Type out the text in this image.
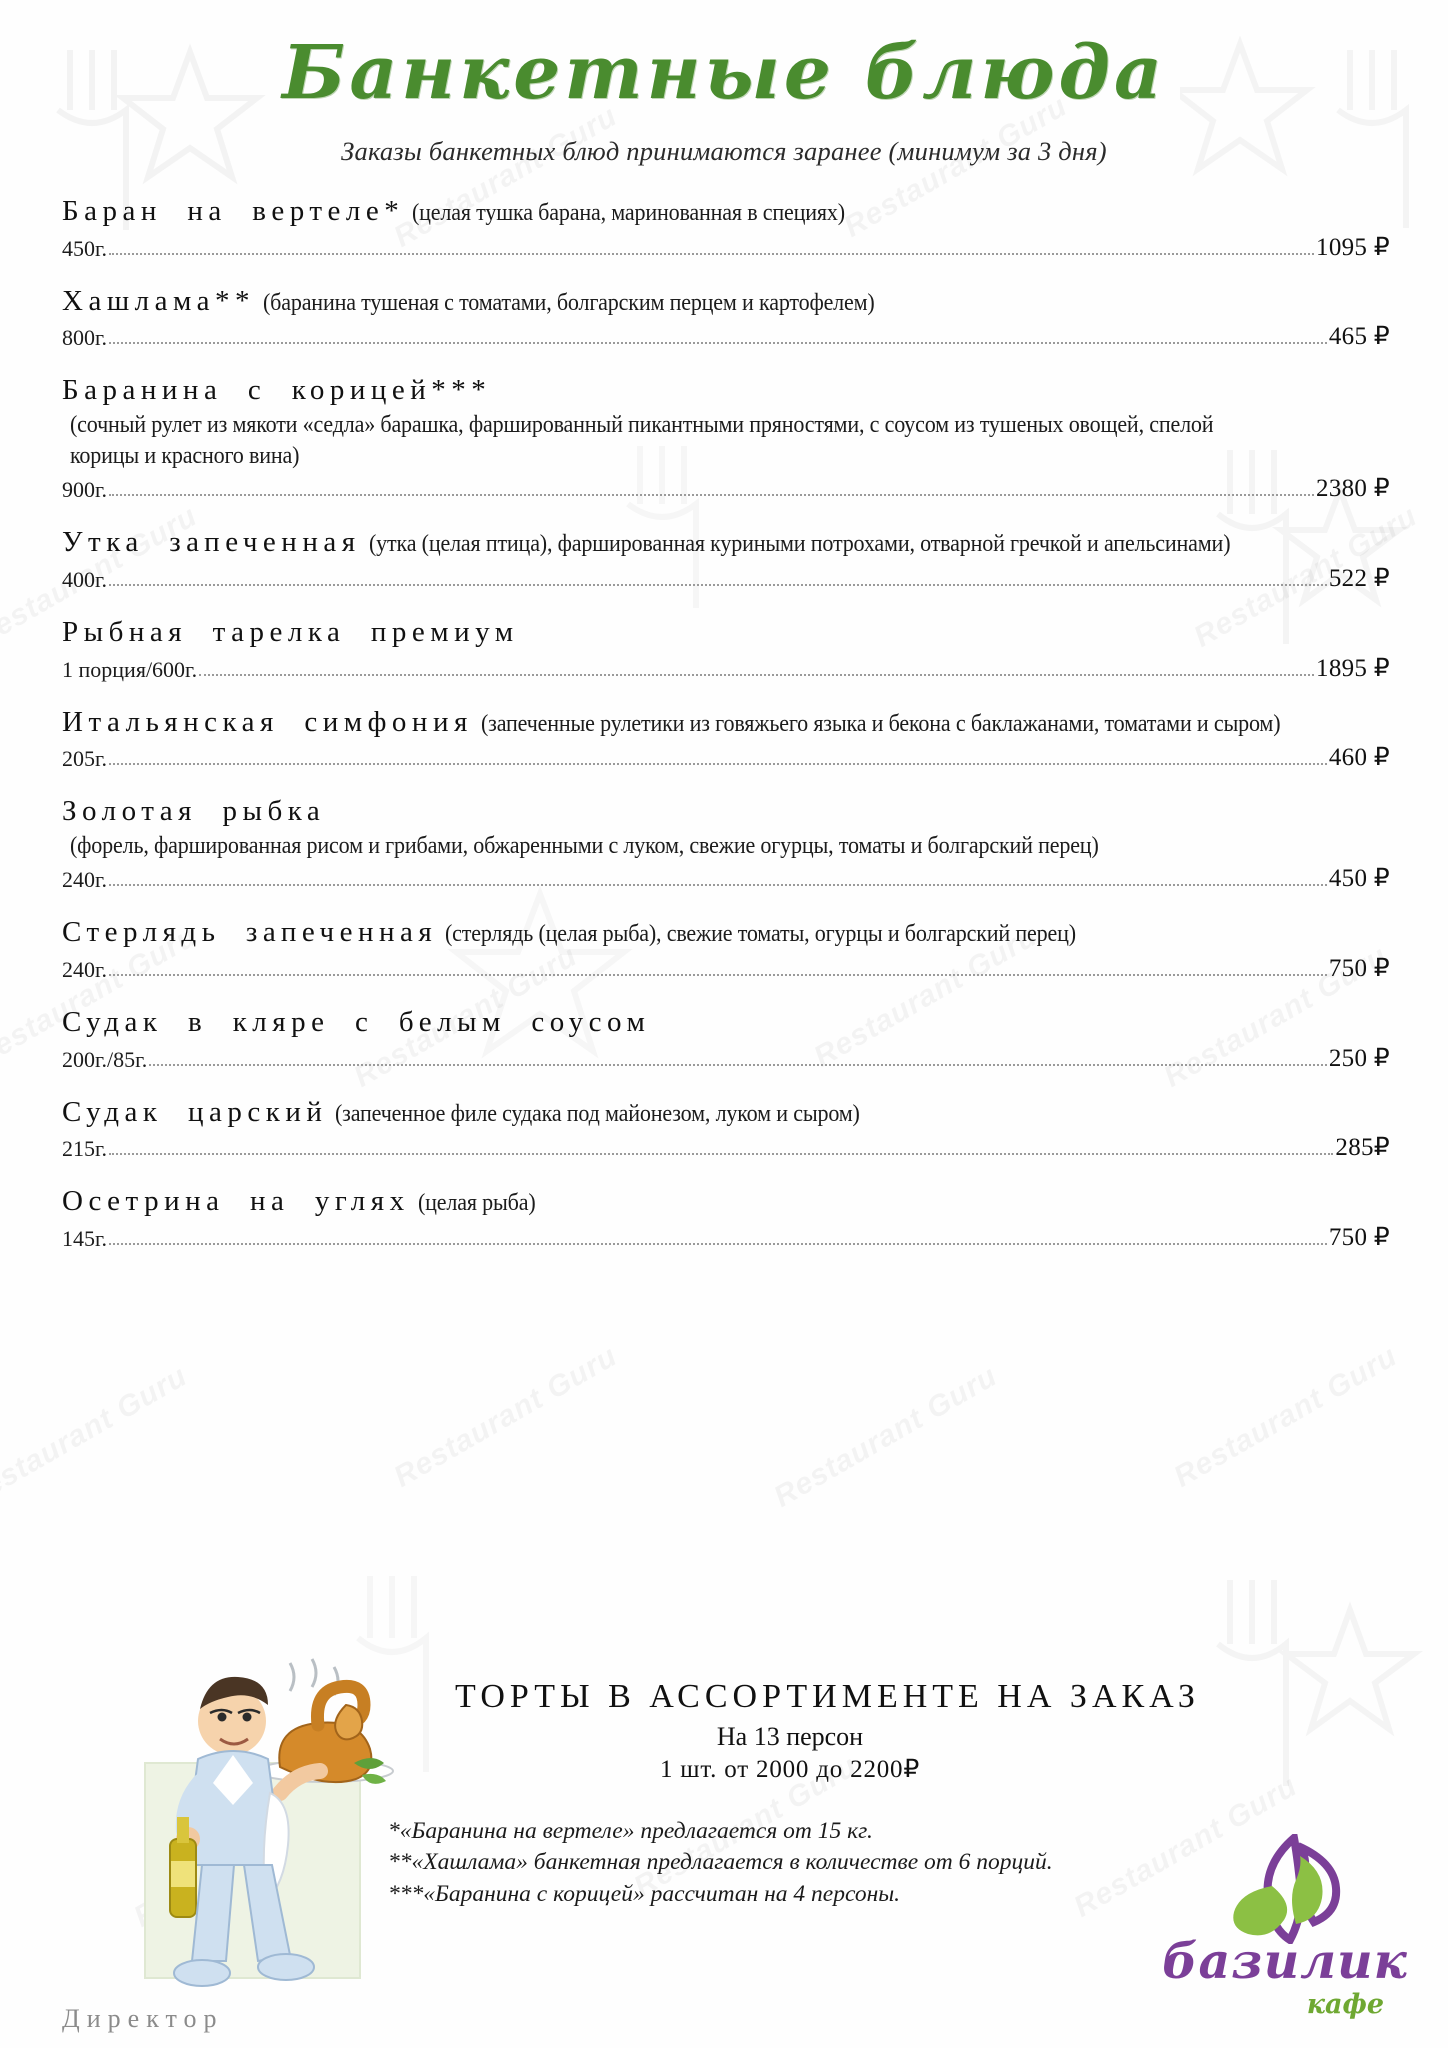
Банкетные блюда
Заказы банкетных блюд принимаются заранее (минимум за 3 дня)
Баран  на  вертеле* (целая тушка барана, маринованная в специях)
450г.	1095 ₽
Хашлама** (баранина тушеная с томатами, болгарским перцем и картофелем)
800г.	465 ₽
Баранина  с  корицей***(сочный рулет из мякоти «седла» барашка, фаршированный пикантными пряностями, с соусом из тушеных овощей, спелой корицы и красного вина)
900г.	2380 ₽
Утка  запеченная (утка (целая птица), фаршированная куриными потрохами, отварной гречкой и апельсинами)
400г.	522 ₽
Рыбная  тарелка  премиум
1 порция/600г.	1895 ₽
Итальянская  симфония (запеченные рулетики из говяжьего языка и бекона с баклажанами, томатами и сыром)
205г.	460 ₽
Золотая  рыбка(форель, фаршированная рисом и грибами, обжаренными с луком, свежие огурцы, томаты и болгарский перец)
240г.	450 ₽
Стерлядь  запеченная (стерлядь (целая рыба), свежие томаты, огурцы и болгарский перец)
240г.	750 ₽
Судак  в  кляре  с  белым  соусом
200г./85г.	250 ₽
Судак  царский (запеченное филе судака под майонезом, луком и сыром)
215г.	285₽
Осетрина  на  углях (целая рыба)
145г.	750 ₽
ТОРТЫ В АССОРТИМЕНТЕ НА ЗАКАЗ
На 13 персон
1 шт. от 2000 до 2200₽
*«Баранина на вертеле» предлагается от 15 кг.
**«Хашлама» банкетная предлагается в количестве от 6 порций.
***«Баранина с корицей» рассчитан на 4 персоны.
базилик
кафе
Директор
